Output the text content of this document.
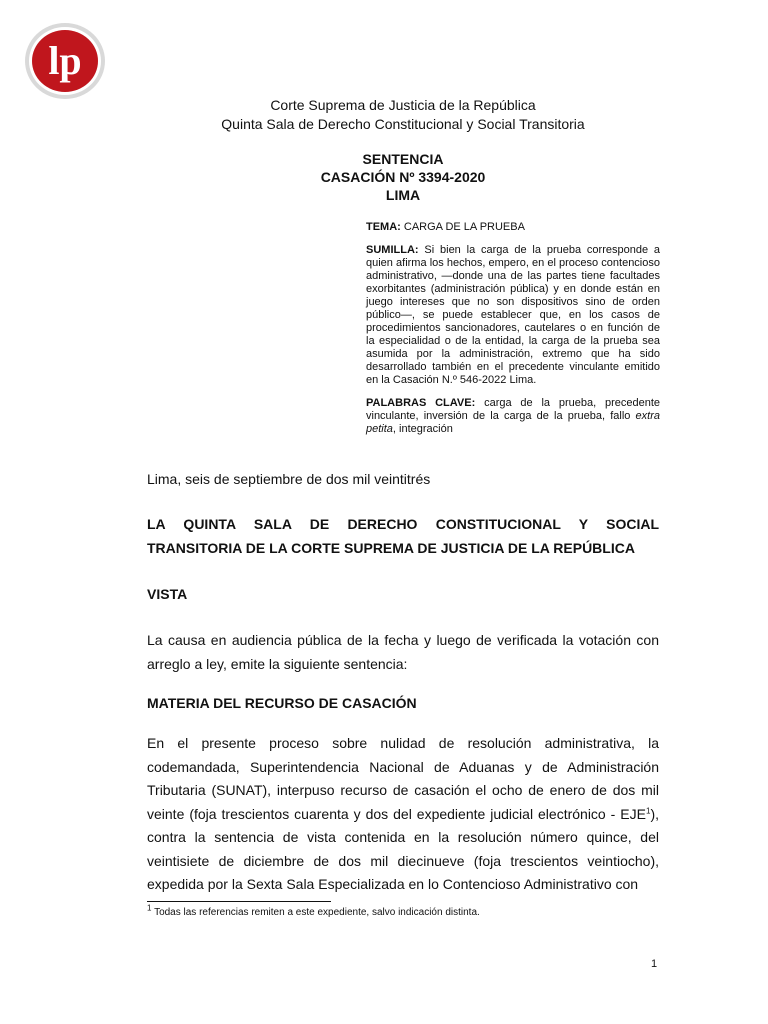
lp
Corte Suprema de Justicia de la República
Quinta Sala de Derecho Constitucional y Social Transitoria
SENTENCIA
CASACIÓN Nº 3394-2020
LIMA

TEMA: CARGA DE LA PRUEBA

SUMILLA: Si bien la carga de la prueba corresponde a quien afirma los hechos, empero, en el proceso contencioso administrativo, —donde una de las partes tiene facultades exorbitantes (administración pública) y en donde están en juego intereses que no son dispositivos sino de orden público—, se puede establecer que, en los casos de procedimientos sancionadores, cautelares o en función de la especialidad o de la entidad, la carga de la prueba sea asumida por la administración, extremo que ha sido desarrollado también en el precedente vinculante emitido en la Casación N.º 546-2022 Lima.

PALABRAS CLAVE: carga de la prueba, precedente vinculante, inversión de la carga de la prueba, fallo extra petita, integración

Lima, seis de septiembre de dos mil veintitrés

LA QUINTA SALA DE DERECHO CONSTITUCIONAL Y SOCIAL
TRANSITORIA DE LA CORTE SUPREMA DE JUSTICIA DE LA REPÚBLICA

VISTA

La causa en audiencia pública de la fecha y luego de verificada la votación con arreglo a ley, emite la siguiente sentencia:

MATERIA DEL RECURSO DE CASACIÓN

En el presente proceso sobre nulidad de resolución administrativa, la codemandada, Superintendencia Nacional de Aduanas y de Administración Tributaria (SUNAT), interpuso recurso de casación el ocho de enero de dos mil veinte (foja trescientos cuarenta y dos del expediente judicial electrónico - EJE$^1$), contra la sentencia de vista contenida en la resolución número quince, del veintisiete de diciembre de dos mil diecinueve (foja trescientos veintiocho), expedida por la Sexta Sala Especializada en lo Contencioso Administrativo con

$^1$ Todas las referencias remiten a este expediente, salvo indicación distinta.
1
